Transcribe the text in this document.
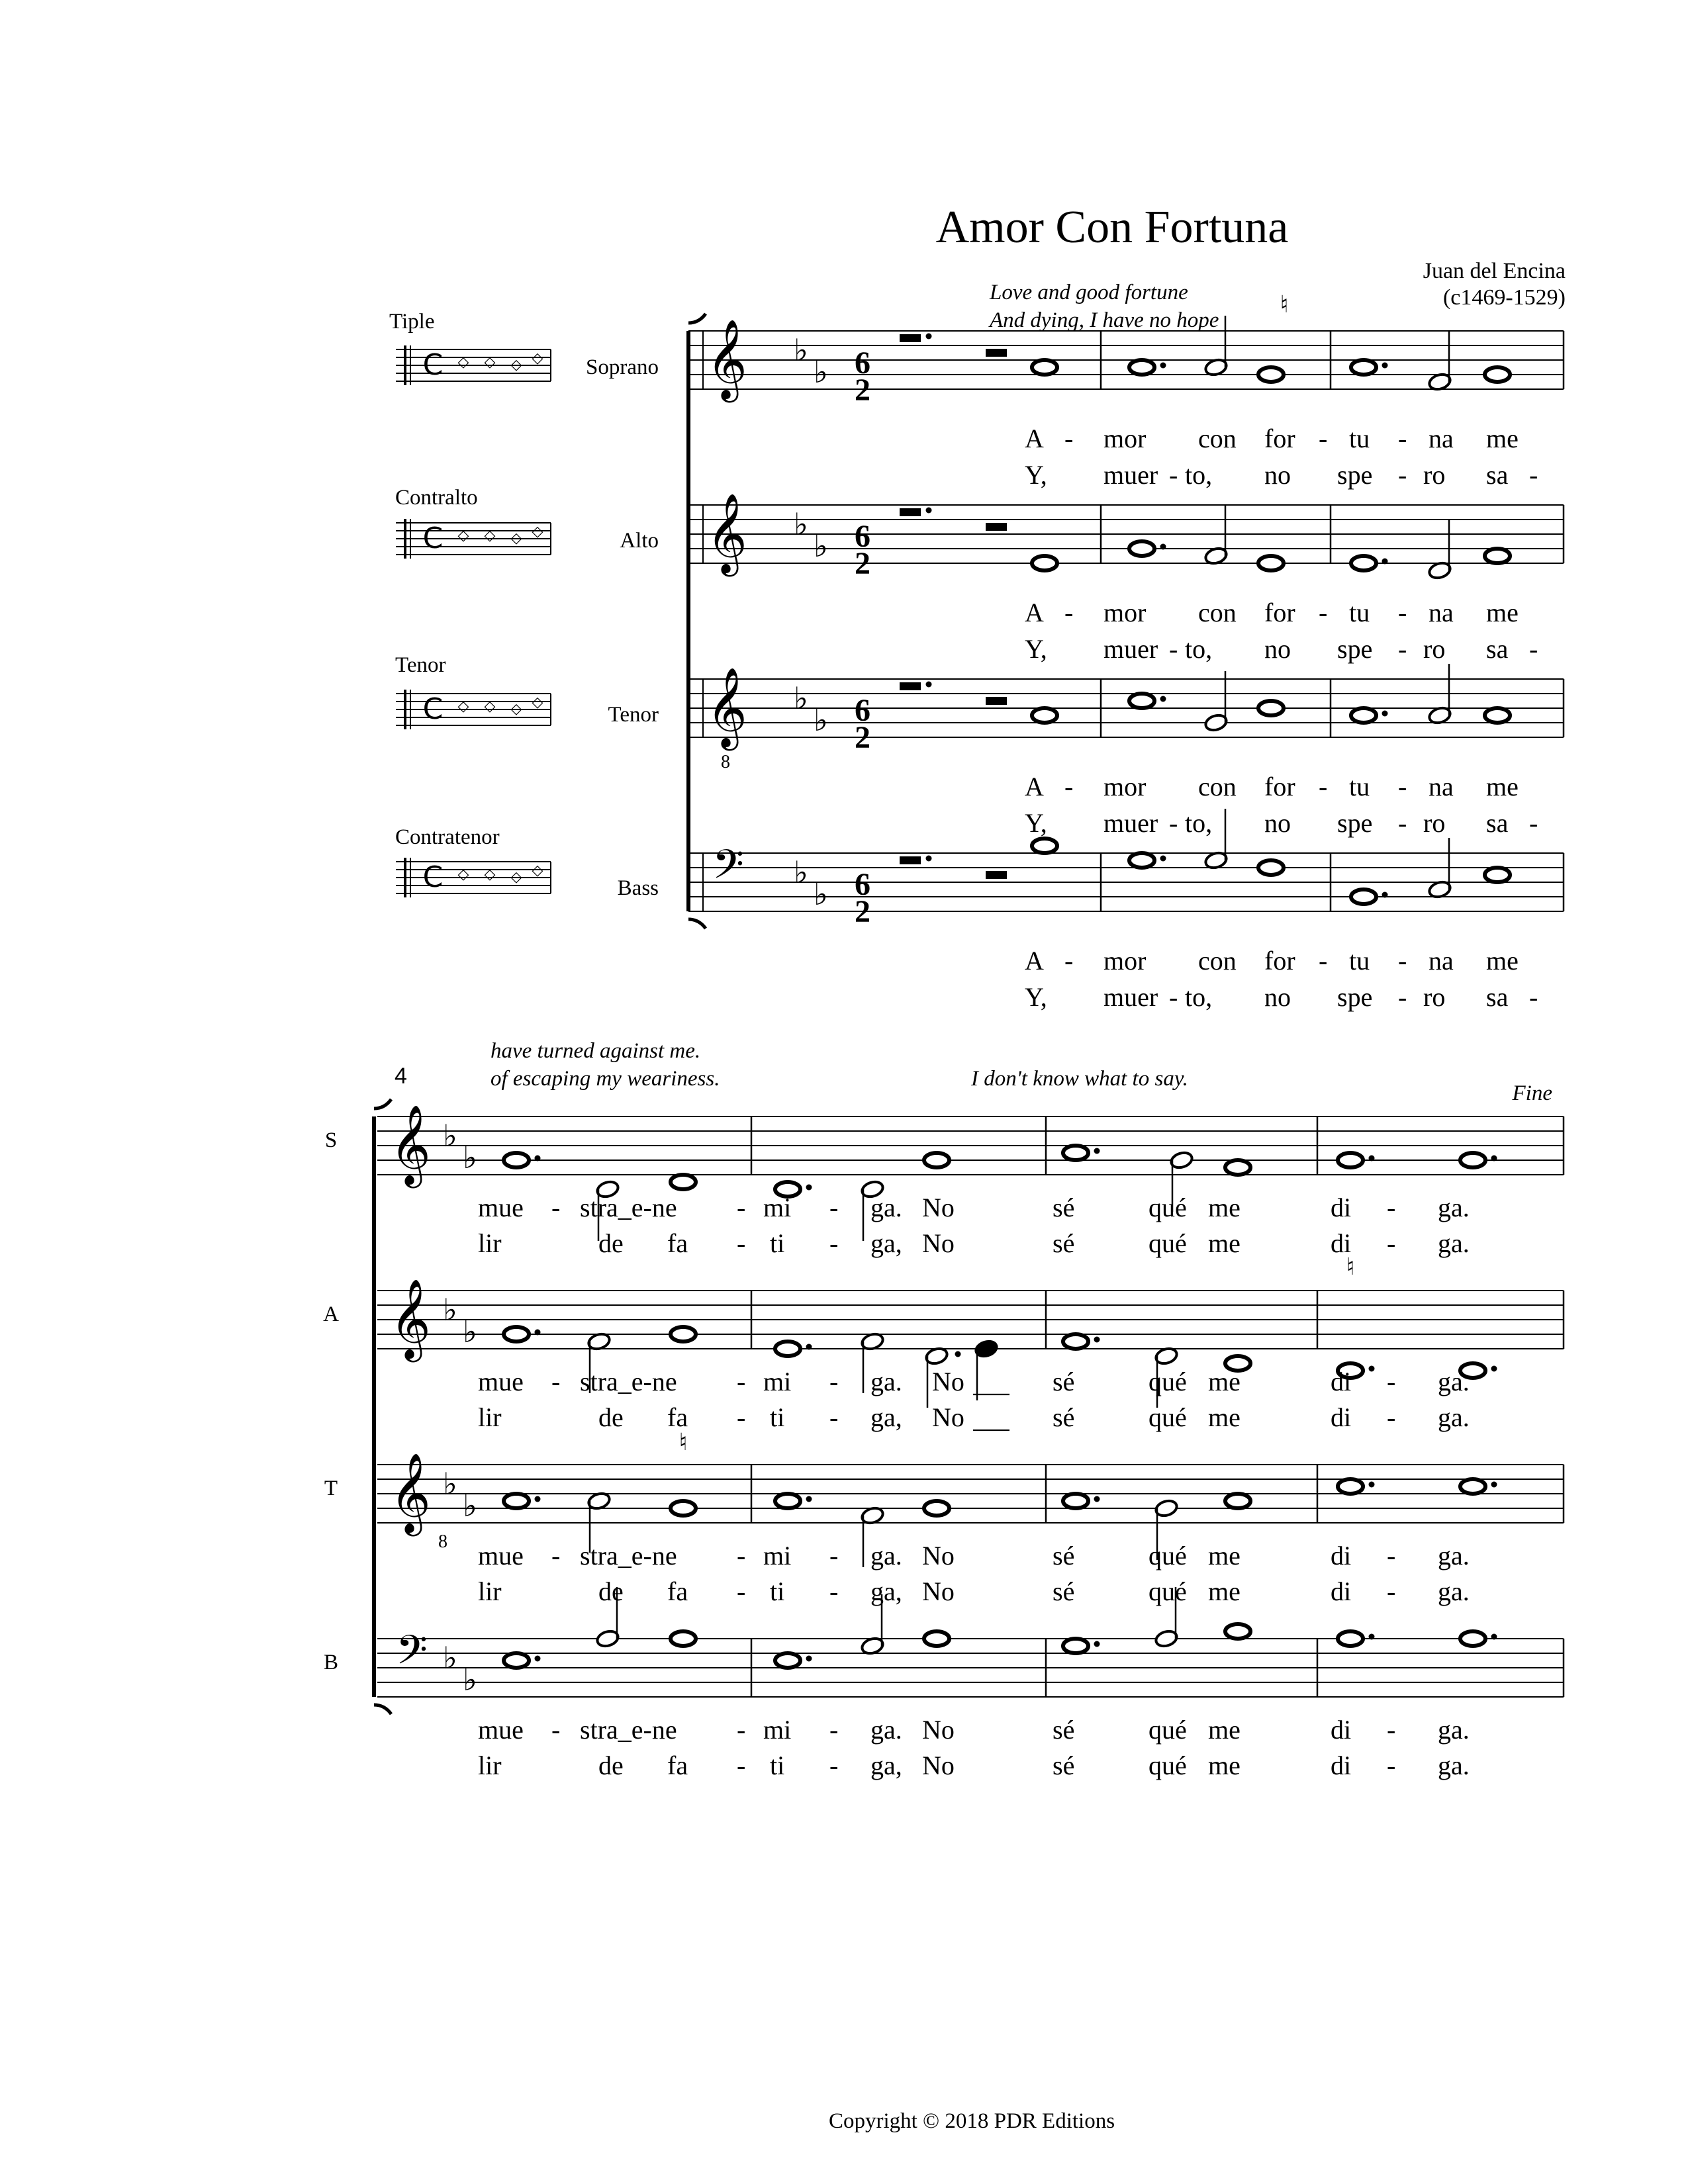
Amor Con Fortuna
Juan del Encina
(c1469-1529)
Love and good fortune
And dying, I have no hope
Tiple
Contralto
Tenor
Contratenor
C ◇ ◇ ◇ ◇
C ◇ ◇ ◇ ◇
C ◇ ◇ ◇ ◇
C ◇ ◇ ◇ ◇
Soprano
Alto
Tenor
Bass
𝄞 ♭
♭
𝄞 ♭
♭
𝄞 ♭
♭
𝄢 ♭
♭
♮
6
2
6
2
6
2
6
2
8
8
A - mor con for - tu - na me
Y, muer - to, no spe - ro sa -
A - mor con for - tu - na me
Y, muer - to, no spe - ro sa -
A - mor con for - tu - na me
Y, muer - to, no spe - ro sa -
A - mor con for - tu - na me
Y, muer - to, no spe - ro sa -
have turned against me.
of escaping my weariness.	I don't know what to say.
Fine
4
S
A
T
B
𝄞 ♭
♭
𝄞 ♭
♭
𝄞 ♭
♭
𝄢 ♭
♭
♮
♮
mue - stra_e-ne - mi - ga. No	sé	qué me	di - ga.
lir	de fa - ti - ga, No	sé	qué me	di - ga.
mue - stra_e-ne - mi - ga. No	sé	qué me	di - ga.
lir	de fa - ti - ga, No	sé	qué me	di - ga.
mue - stra_e-ne - mi - ga. No	sé	qué me	di - ga.
lir	de fa - ti - ga, No	sé	qué me	di - ga.
mue - stra_e-ne - mi - ga. No	sé	qué me	di - ga.
lir	de fa - ti - ga, No	sé	qué me	di - ga.
Copyright © 2018 PDR Editions
